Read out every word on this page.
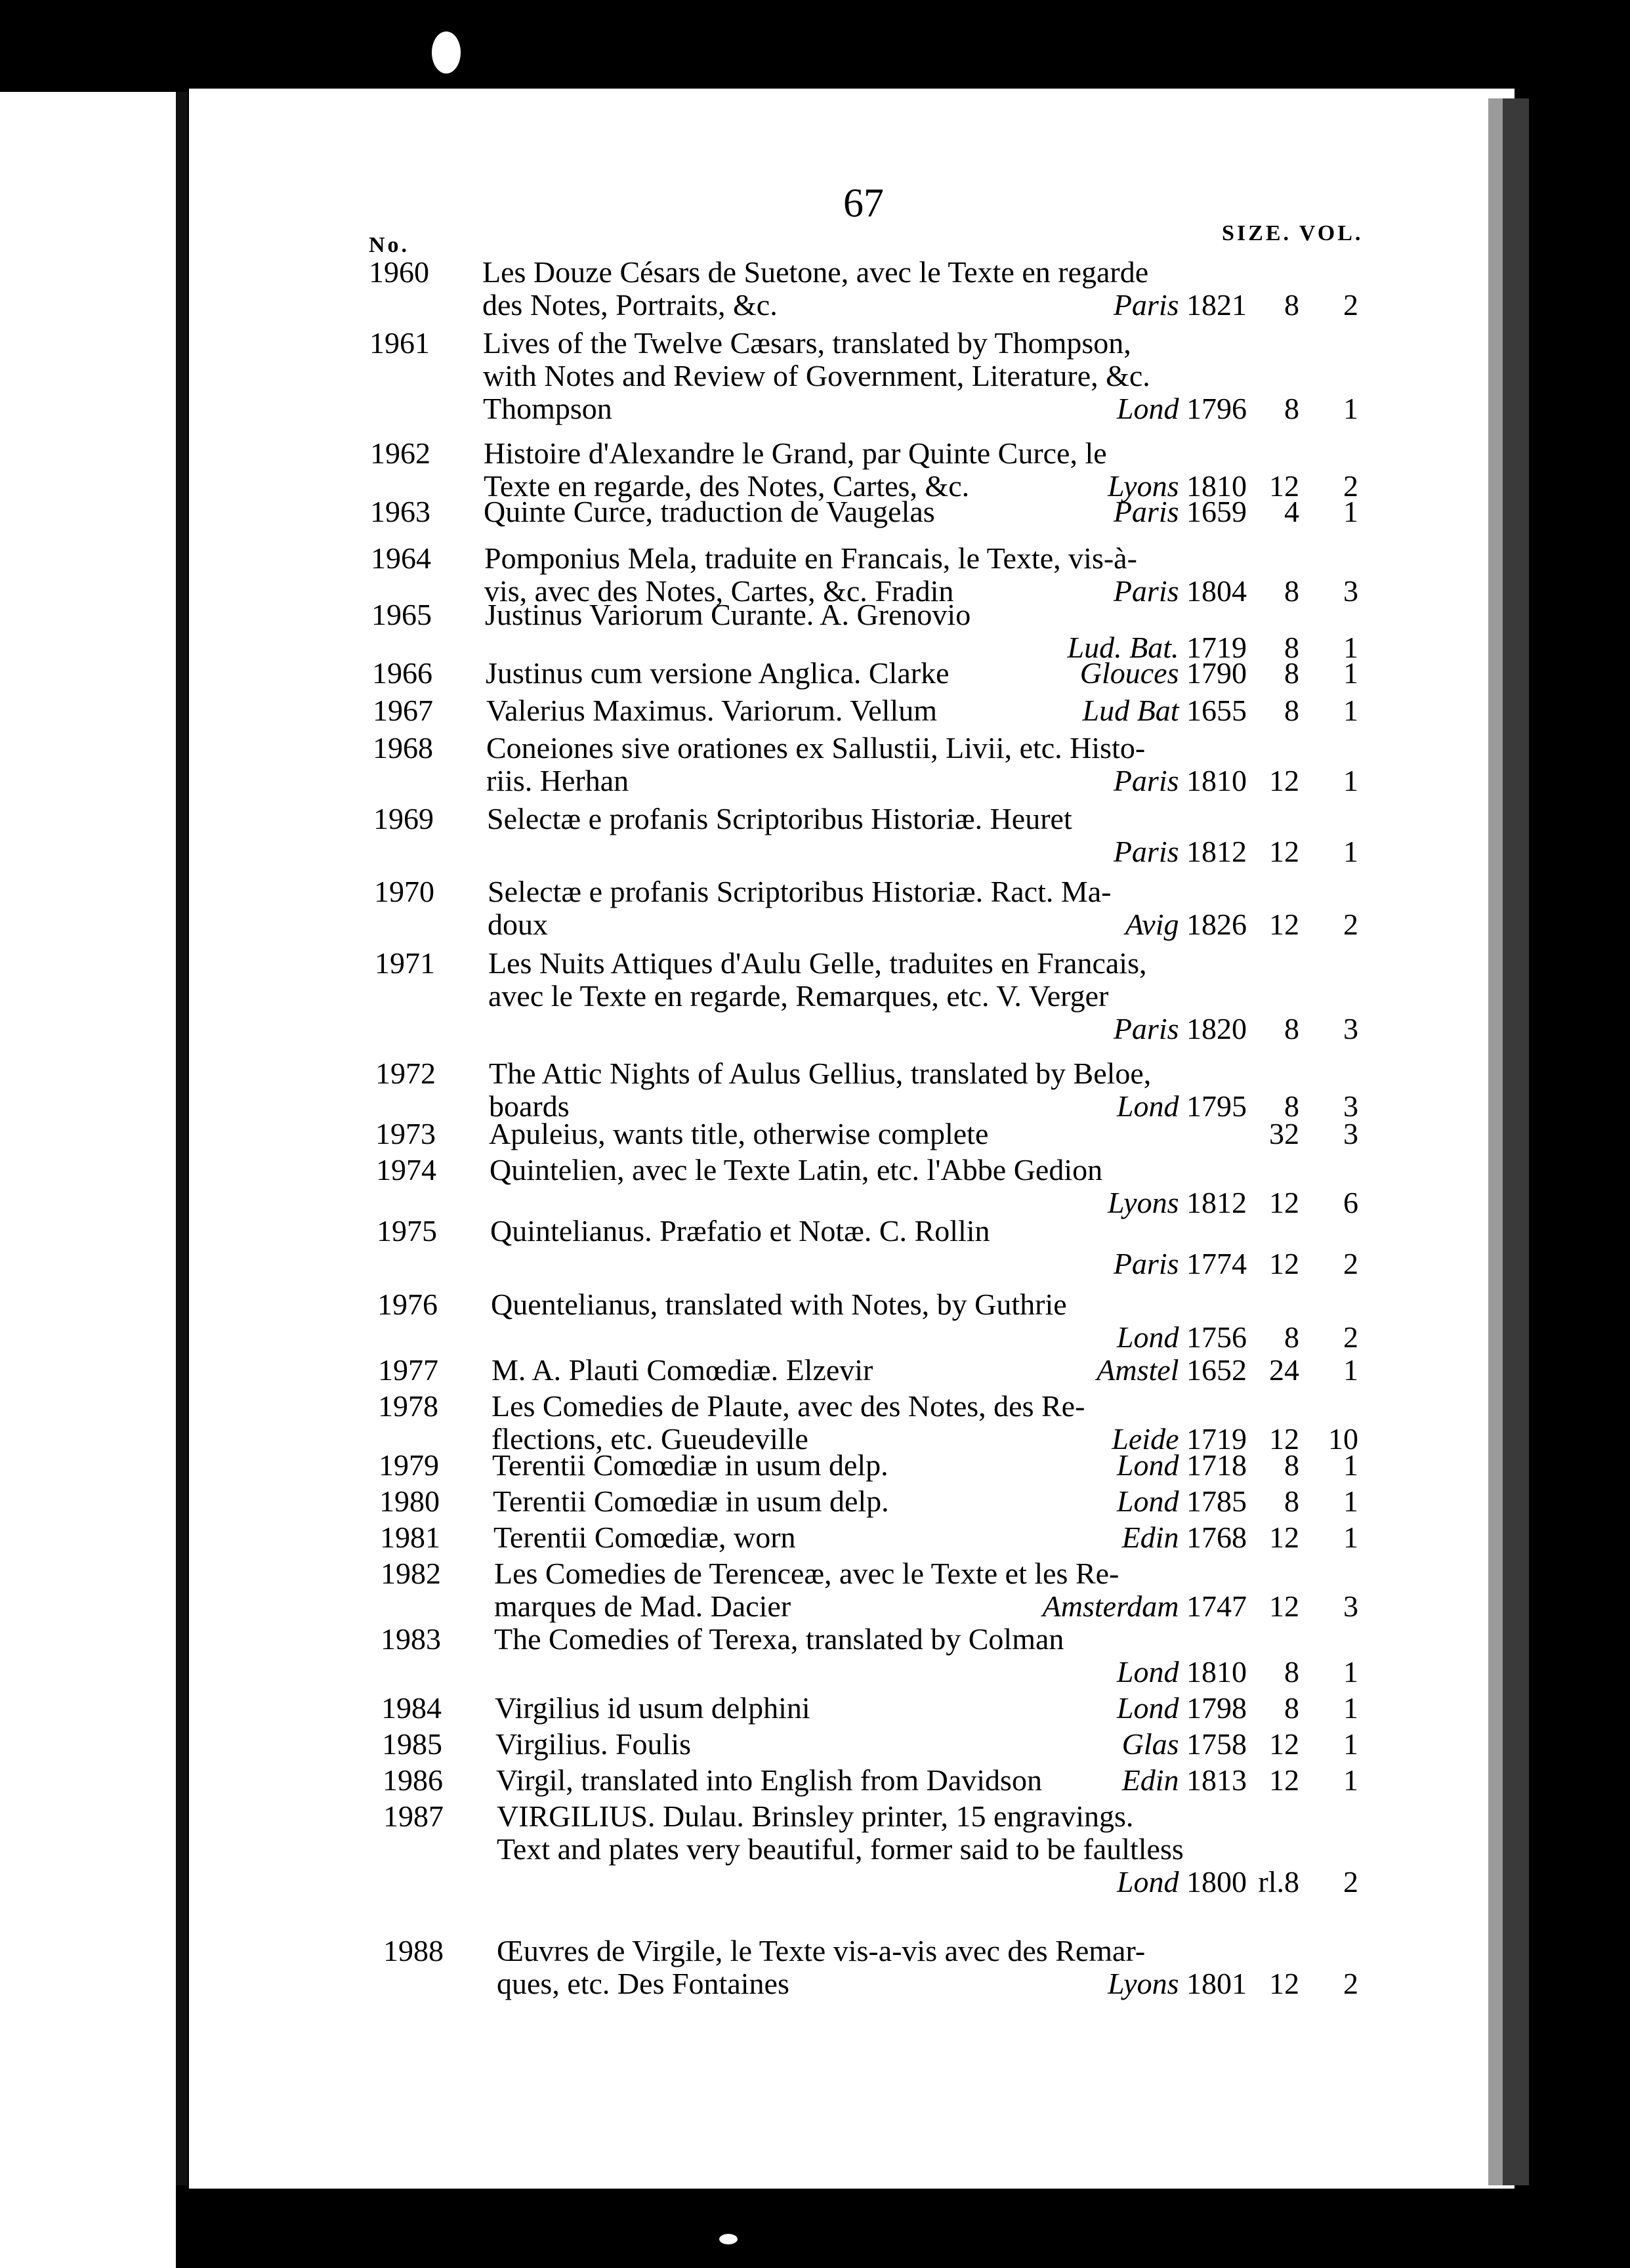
67
No.	SIZE. VOL.
1960	Les Douze Césars de Suetone, avec le Texte en regarde
des Notes, Portraits, &c.	Paris 1821	8	2
1961	Lives of the Twelve Cæsars, translated by Thompson,
with Notes and Review of Government, Literature, &c.
Thompson	Lond 1796	8	1
1962	Histoire d'Alexandre le Grand, par Quinte Curce, le
Texte en regarde, des Notes, Cartes, &c.	Lyons 1810 12	2
1963	Quinte Curce, traduction de Vaugelas	Paris 1659	4	1
1964	Pomponius Mela, traduite en Francais, le Texte, vis-à-
vis, avec des Notes, Cartes, &c. Fradin	Paris 1804	8	3
1965	Justinus Variorum Curante. A. Grenovio
Lud. Bat. 1719	8	1
1966	Justinus cum versione Anglica. Clarke	Glouces 1790	8	1
1967	Valerius Maximus. Variorum. Vellum	Lud Bat 1655	8	1
1968	Coneiones sive orationes ex Sallustii, Livii, etc. Histo-
riis. Herhan	Paris 1810 12	1
1969	Selectæ e profanis Scriptoribus Historiæ. Heuret
Paris 1812 12	1
1970	Selectæ e profanis Scriptoribus Historiæ. Ract. Ma-
doux	Avig 1826 12	2
1971	Les Nuits Attiques d'Aulu Gelle, traduites en Francais,
avec le Texte en regarde, Remarques, etc. V. Verger
Paris 1820	8	3
1972	The Attic Nights of Aulus Gellius, translated by Beloe,
boards	Lond 1795	8	3
1973	Apuleius, wants title, otherwise complete	32	3
1974	Quintelien, avec le Texte Latin, etc. l'Abbe Gedion
Lyons 1812 12	6
1975	Quintelianus. Præfatio et Notæ. C. Rollin
Paris 1774 12	2
1976	Quentelianus, translated with Notes, by Guthrie
Lond 1756	8	2
1977	M. A. Plauti Comœdiæ. Elzevir	Amstel 1652 24	1
1978	Les Comedies de Plaute, avec des Notes, des Re-
flections, etc. Gueudeville	Leide 1719 12 10
1979	Terentii Comœdiæ in usum delp.	Lond 1718	8	1
1980	Terentii Comœdiæ in usum delp.	Lond 1785	8	1
1981	Terentii Comœdiæ, worn	Edin 1768 12	1
1982	Les Comedies de Terenceæ, avec le Texte et les Re-
marques de Mad. Dacier	Amsterdam 1747 12	3
1983	The Comedies of Terexa, translated by Colman
Lond 1810	8	1
1984	Virgilius id usum delphini	Lond 1798	8	1
1985	Virgilius. Foulis	Glas 1758 12	1
1986	Virgil, translated into English from Davidson	Edin 1813 12	1
1987	VIRGILIUS. Dulau. Brinsley printer, 15 engravings.
Text and plates very beautiful, former said to be faultless
Lond 1800 rl.8	2
1988	Œuvres de Virgile, le Texte vis-a-vis avec des Remar-
ques, etc. Des Fontaines	Lyons 1801 12	2
